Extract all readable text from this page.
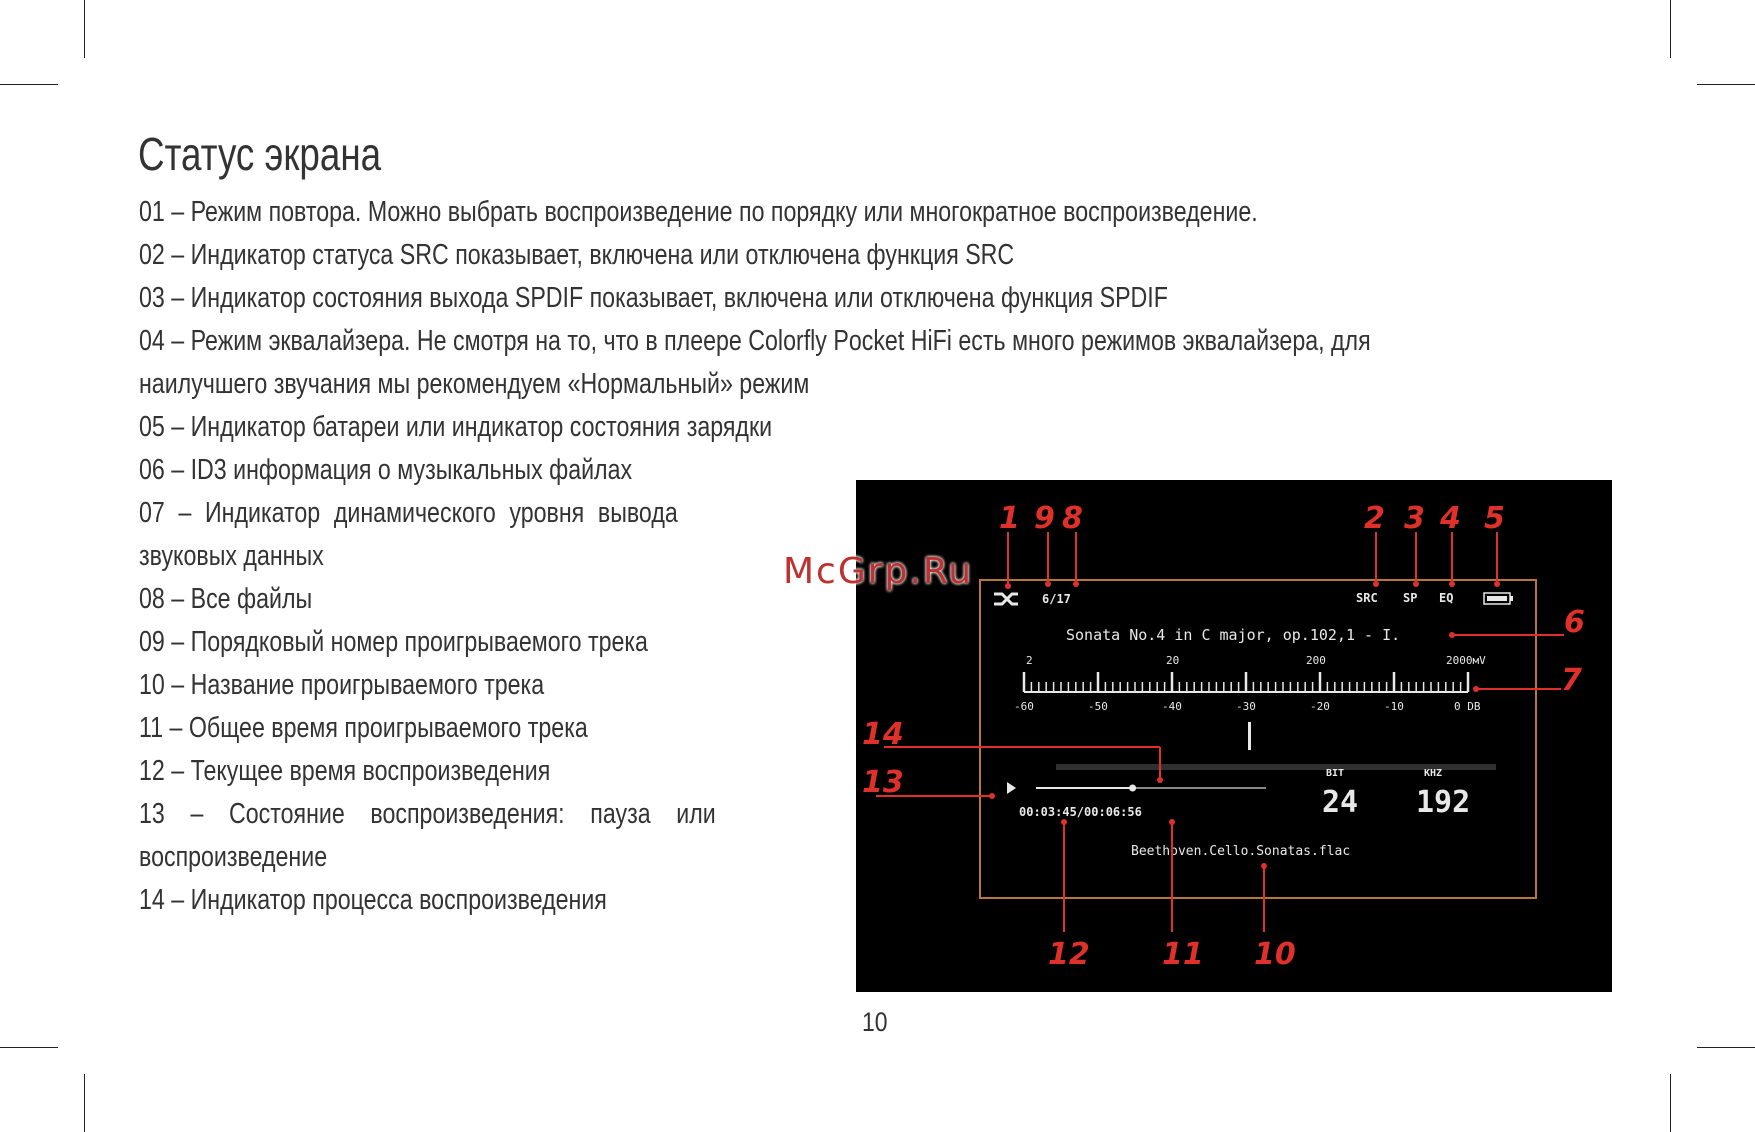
Статус экрана
01 – Режим повтора. Можно выбрать воспроизведение по порядку или многократное воспроизведение.
02 – Индикатор статуса SRC показывает, включена или отключена функция SRC
03 – Индикатор состояния выхода SPDIF показывает, включена или отключена функция SPDIF
04 – Режим эквалайзера. Не смотря на то, что в плеере Colorfly Pocket HiFi есть много режимов эквалайзера, для
наилучшего звучания мы рекомендуем «Нормальный» режим
05 – Индикатор батареи или индикатор состояния зарядки
06 – ID3 информация о музыкальных файлах
07 – Индикатор динамического уровня вывода
звуковых данных
08 – Все файлы
09 – Порядковый номер проигрываемого трека
10 – Название проигрываемого трека
11 – Общее время проигрываемого трека
12 – Текущее время воспроизведения
13 – Состояние воспроизведения: пауза или
воспроизведение
14 – Индикатор процесса воспроизведения
McGrp.Ru
6/17	SRC SP EQ
Sonata No.4 in C major, op.102,1 - I.
2	20	200	2000мV
-60	-50	-40	-30	-20	-10	0 DB
00:03:45/00:06:56
BIT
24
KHZ
192
Beethoven.Cello.Sonatas.flac
1 9 8	2 3 4 5
6
7
14
13
12 11 10
10
